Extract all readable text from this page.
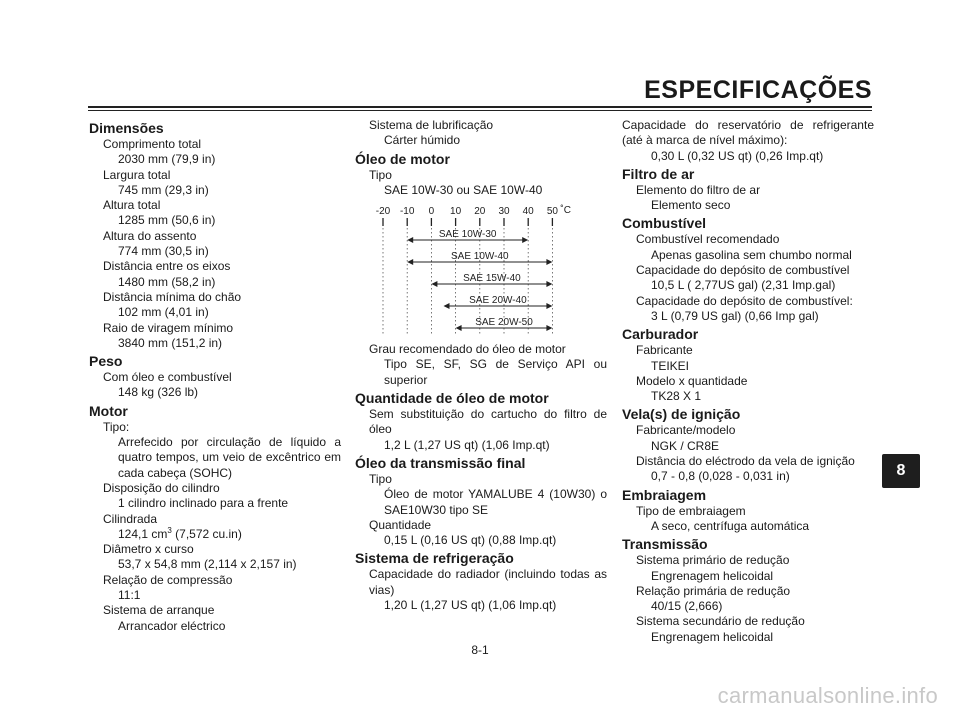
ESPECIFICAÇÕES
Dimensões
Comprimento total
2030 mm (79,9 in)
Largura total
745 mm (29,3 in)
Altura total
1285 mm (50,6 in)
Altura do assento
774 mm (30,5 in)
Distância entre os eixos
1480 mm (58,2 in)
Distância mínima do chão
102 mm (4,01 in)
Raio de viragem mínimo
3840 mm (151,2 in)
Peso
Com óleo e combustível
148 kg (326 lb)
Motor
Tipo:
Arrefecido por circulação de líquido a quatro tempos, um veio de excêntrico em cada cabeça (SOHC)
Disposição do cilindro
1 cilindro inclinado para a frente
Cilindrada
124,1 $cm^3$ (7,572 cu.in)
Diâmetro x curso
53,7 x 54,8 mm (2,114 x 2,157 in)
Relação de compressão
11:1
Sistema de arranque
Arrancador eléctrico
Sistema de lubrificação
Cárter húmido
Óleo de motor
Tipo
SAE 10W-30 ou SAE 10W-40
-20 -10 0 10 20 30 40 50 ˚C
SAE 10W-30
SAE 10W-40
SAE 15W-40
SAE 20W-40
SAE 20W-50
Grau recomendado do óleo de motor
Tipo SE, SF, SG de Serviço API ou superior
Quantidade de óleo de motor
Sem substituição do cartucho do filtro de óleo
1,2 L (1,27 US qt) (1,06 Imp.qt)
Óleo da transmissão final
Tipo
Óleo de motor YAMALUBE 4 (10W30) o SAE10W30 tipo SE
Quantidade
0,15 L (0,16 US qt) (0,88 Imp.qt)
Sistema de refrigeração
Capacidade do radiador (incluindo todas as vias)
1,20 L (1,27 US qt) (1,06 Imp.qt)
Capacidade do reservatório de refrigerante (até à marca de nível máximo):
0,30 L (0,32 US qt) (0,26 Imp.qt)
Filtro de ar
Elemento do filtro de ar
Elemento seco
Combustível
Combustível recomendado
Apenas gasolina sem chumbo normal
Capacidade do depósito de combustível
10,5 L ( 2,77US gal) (2,31 Imp.gal)
Capacidade do depósito de combustível:
3 L (0,79 US gal) (0,66 Imp gal)
Carburador
Fabricante
TEIKEI
Modelo x quantidade
TK28 X 1
Vela(s) de ignição
Fabricante/modelo
NGK / CR8E
Distância do eléctrodo da vela de ignição
0,7 - 0,8 (0,028 - 0,031 in)
Embraiagem
Tipo de embraiagem
A seco, centrífuga automática
Transmissão
Sistema primário de redução
Engrenagem helicoidal
Relação primária de redução
40/15 (2,666)
Sistema secundário de redução
Engrenagem helicoidal
8
8-1
carmanualsonline.info
